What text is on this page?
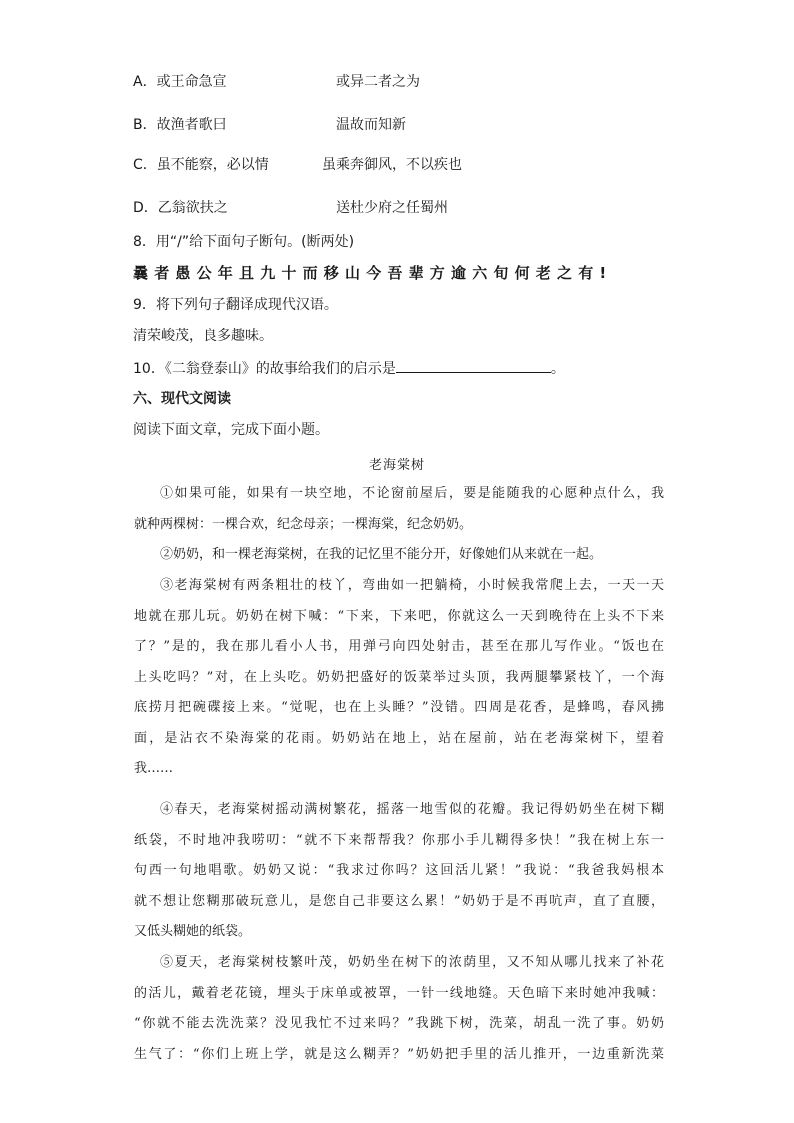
A．或王命急宣	或异二者之为
B．故渔者歌曰	温故而知新
C．虽不能察，必以情	虽乘奔御风，不以疾也
D．乙翁欲扶之	送杜少府之任蜀州
8．用“/”给下面句子断句。(断两处)
曩者愚公年且九十而移山今吾辈方逾六旬何老之有!
9．将下列句子翻译成现代汉语。
清荣峻茂，良多趣味。
10．《二翁登泰山》的故事给我们的启示是	。
六、现代文阅读
阅读下面文章，完成下面小题。
老海棠树
①如果可能，如果有一块空地，不论窗前屋后，要是能随我的心愿种点什么，我
就种两棵树：一棵合欢，纪念母亲；一棵海棠，纪念奶奶。
②奶奶，和一棵老海棠树，在我的记忆里不能分开，好像她们从来就在一起。
③老海棠树有两条粗壮的枝丫，弯曲如一把躺椅，小时候我常爬上去，一天一天
地就在那儿玩。奶奶在树下喊：“下来，下来吧，你就这么一天到晚待在上头不下来
了？”是的，我在那儿看小人书，用弹弓向四处射击，甚至在那儿写作业。“饭也在
上头吃吗？”对，在上头吃。奶奶把盛好的饭菜举过头顶，我两腿攀紧枝丫，一个海
底捞月把碗碟接上来。“觉呢，也在上头睡？”没错。四周是花香，是蜂鸣，春风拂
面，是沾衣不染海棠的花雨。奶奶站在地上，站在屋前，站在老海棠树下，望着
我……
④春天，老海棠树摇动满树繁花，摇落一地雪似的花瓣。我记得奶奶坐在树下糊
纸袋，不时地冲我唠叨：“就不下来帮帮我？你那小手儿糊得多快！”我在树上东一
句西一句地唱歌。奶奶又说：“我求过你吗？这回活儿紧！”我说：“我爸我妈根本
就不想让您糊那破玩意儿，是您自己非要这么累！”奶奶于是不再吭声，直了直腰，
又低头糊她的纸袋。
⑤夏天，老海棠树枝繁叶茂，奶奶坐在树下的浓荫里，又不知从哪儿找来了补花
的活儿，戴着老花镜，埋头于床单或被罩，一针一线地缝。天色暗下来时她冲我喊：
“你就不能去洗洗菜？没见我忙不过来吗？”我跳下树，洗菜，胡乱一洗了事。奶奶
生气了：“你们上班上学，就是这么糊弄？”奶奶把手里的活儿推开，一边重新洗菜
